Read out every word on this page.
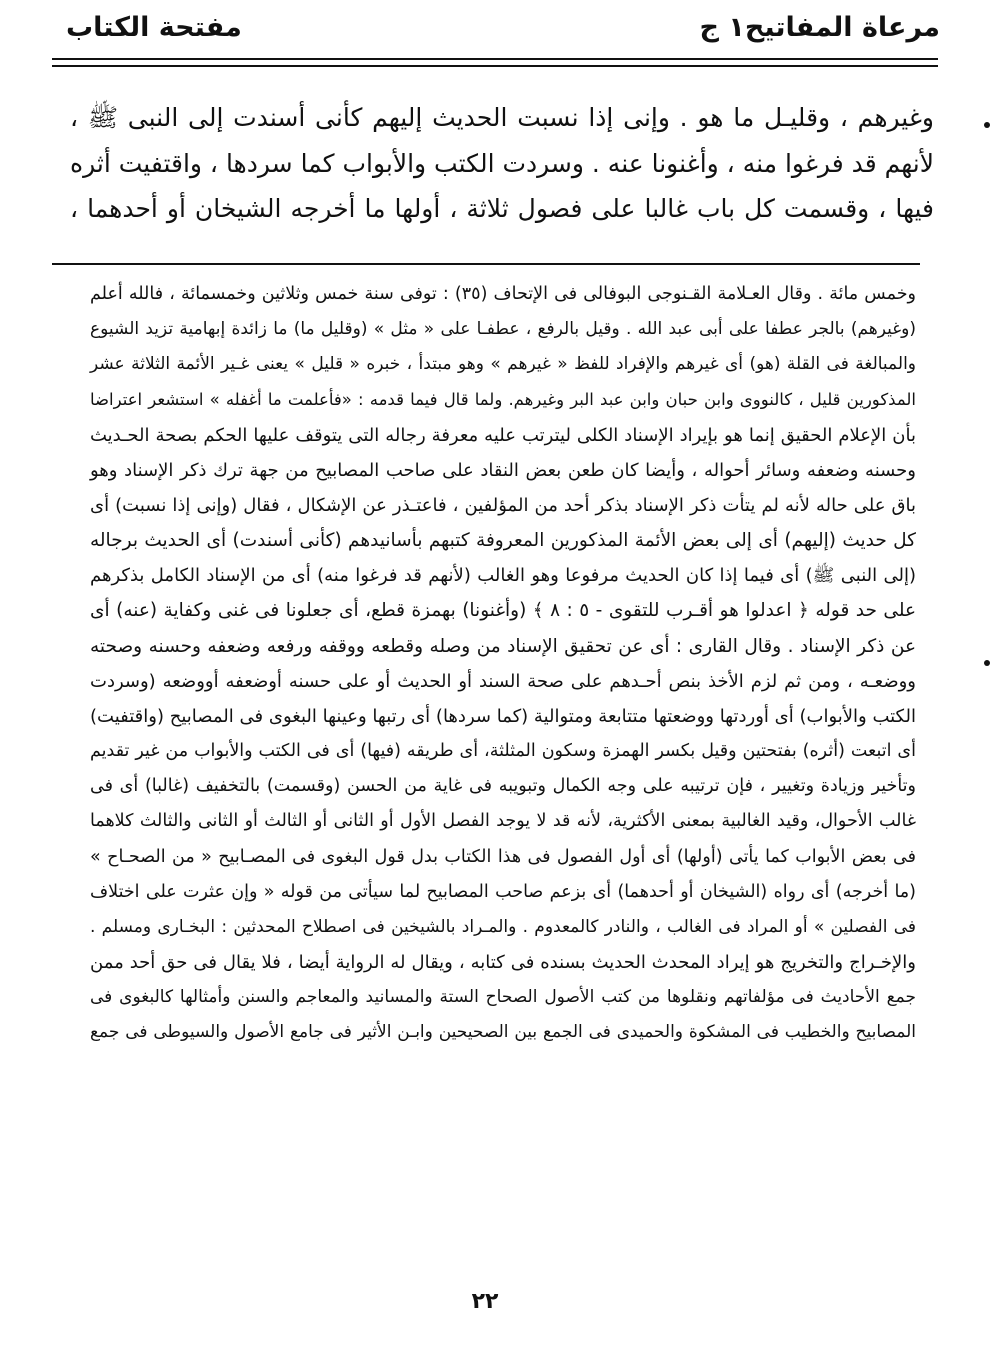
مرعاة المفاتيح١ ج
مفتحة الكتاب
وغيرهم ، وقليـل ما هو . وإنى إذا نسبت الحديث إليهم كأنى أسندت إلى النبى ﷺ ،
لأنهم قد فرغوا منه ، وأغنونا عنه . وسردت الكتب والأبواب كما سردها ، واقتفيت أثره
فيها ، وقسمت كل باب غالبا على فصول ثلاثة ، أولها ما أخرجه الشيخان أو أحدهما ،
وخمس مائة . وقال العـلامة القـنوجى البوفالى فى الإتحاف (٣٥) : توفى سنة خمس وثلاثين وخمسمائة ، فالله أعلم
(وغيرهم) بالجر عطفا على أبى عبد الله . وقيل بالرفع ، عطفـا على « مثل » (وقليل ما) ما زائدة إبهامية تزيد الشيوع
والمبالغة فى القلة (هو) أى غيرهم والإفراد للفظ « غيرهم » وهو مبتدأ ، خبره « قليل » يعنى غـير الأئمة الثلاثة عشر
المذكورين قليل ، كالنووى وابن حبان وابن عبد البر وغيرهم. ولما قال فيما قدمه : «فأعلمت ما أغفله » استشعر اعتراضا
بأن الإعلام الحقيق إنما هو بإيراد الإسناد الكلى ليترتب عليه معرفة رجاله التى يتوقف عليها الحكم بصحة الحـديث
وحسنه وضعفه وسائر أحواله ، وأيضا كان طعن بعض النقاد على صاحب المصابيح من جهة ترك ذكر الإسناد وهو
باق على حاله لأنه لم يتأت ذكر الإسناد بذكر أحد من المؤلفين ، فاعتـذر عن الإشكال ، فقال (وإنى إذا نسبت) أى
كل حديث (إليهم) أى إلى بعض الأئمة المذكورين المعروفة كتبهم بأسانيدهم (كأنى أسندت) أى الحديث برجاله
(إلى النبى ﷺ) أى فيما إذا كان الحديث مرفوعا وهو الغالب (لأنهم قد فرغوا منه) أى من الإسناد الكامل بذكرهم
على حد قوله ﴿ اعدلوا هو أقـرب للتقوى - ٥ : ٨ ﴾ (وأغنونا) بهمزة قطع، أى جعلونا فى غنى وكفاية (عنه) أى
عن ذكر الإسناد . وقال القارى : أى عن تحقيق الإسناد من وصله وقطعه ووقفه ورفعه وضعفه وحسنه وصحته
ووضعـه ، ومن ثم لزم الأخذ بنص أحـدهم على صحة السند أو الحديث أو على حسنه أوضعفه أووضعه (وسردت
الكتب والأبواب) أى أوردتها ووضعتها متتابعة ومتوالية (كما سردها) أى رتبها وعينها البغوى فى المصابيح (واقتفيت)
أى اتبعت (أثره) بفتحتين وقيل بكسر الهمزة وسكون المثلثة، أى طريقه (فيها) أى فى الكتب والأبواب من غير تقديم
وتأخير وزيادة وتغيير ، فإن ترتيبه على وجه الكمال وتبويبه فى غاية من الحسن (وقسمت) بالتخفيف (غالبا) أى فى
غالب الأحوال، وقيد الغالبية بمعنى الأكثرية، لأنه قد لا يوجد الفصل الأول أو الثانى أو الثالث أو الثانى والثالث كلاهما
فى بعض الأبواب كما يأتى (أولها) أى أول الفصول فى هذا الكتاب بدل قول البغوى فى المصـابيح « من الصحـاح »
(ما أخرجه) أى رواه (الشيخان أو أحدهما) أى بزعم صاحب المصابيح لما سيأتى من قوله « وإن عثرت على اختلاف
فى الفصلين » أو المراد فى الغالب ، والنادر كالمعدوم . والمـراد بالشيخين فى اصطلاح المحدثين : البخـارى ومسلم .
والإخـراج والتخريج هو إيراد المحدث الحديث بسنده فى كتابه ، ويقال له الرواية أيضا ، فلا يقال فى حق أحد ممن
جمع الأحاديث فى مؤلفاتهم ونقلوها من كتب الأصول الصحاح الستة والمسانيد والمعاجم والسنن وأمثالها كالبغوى فى
المصابيح والخطيب فى المشكوة والحميدى فى الجمع بين الصحيحين وابـن الأثير فى جامع الأصول والسيوطى فى جمع
٢٢
